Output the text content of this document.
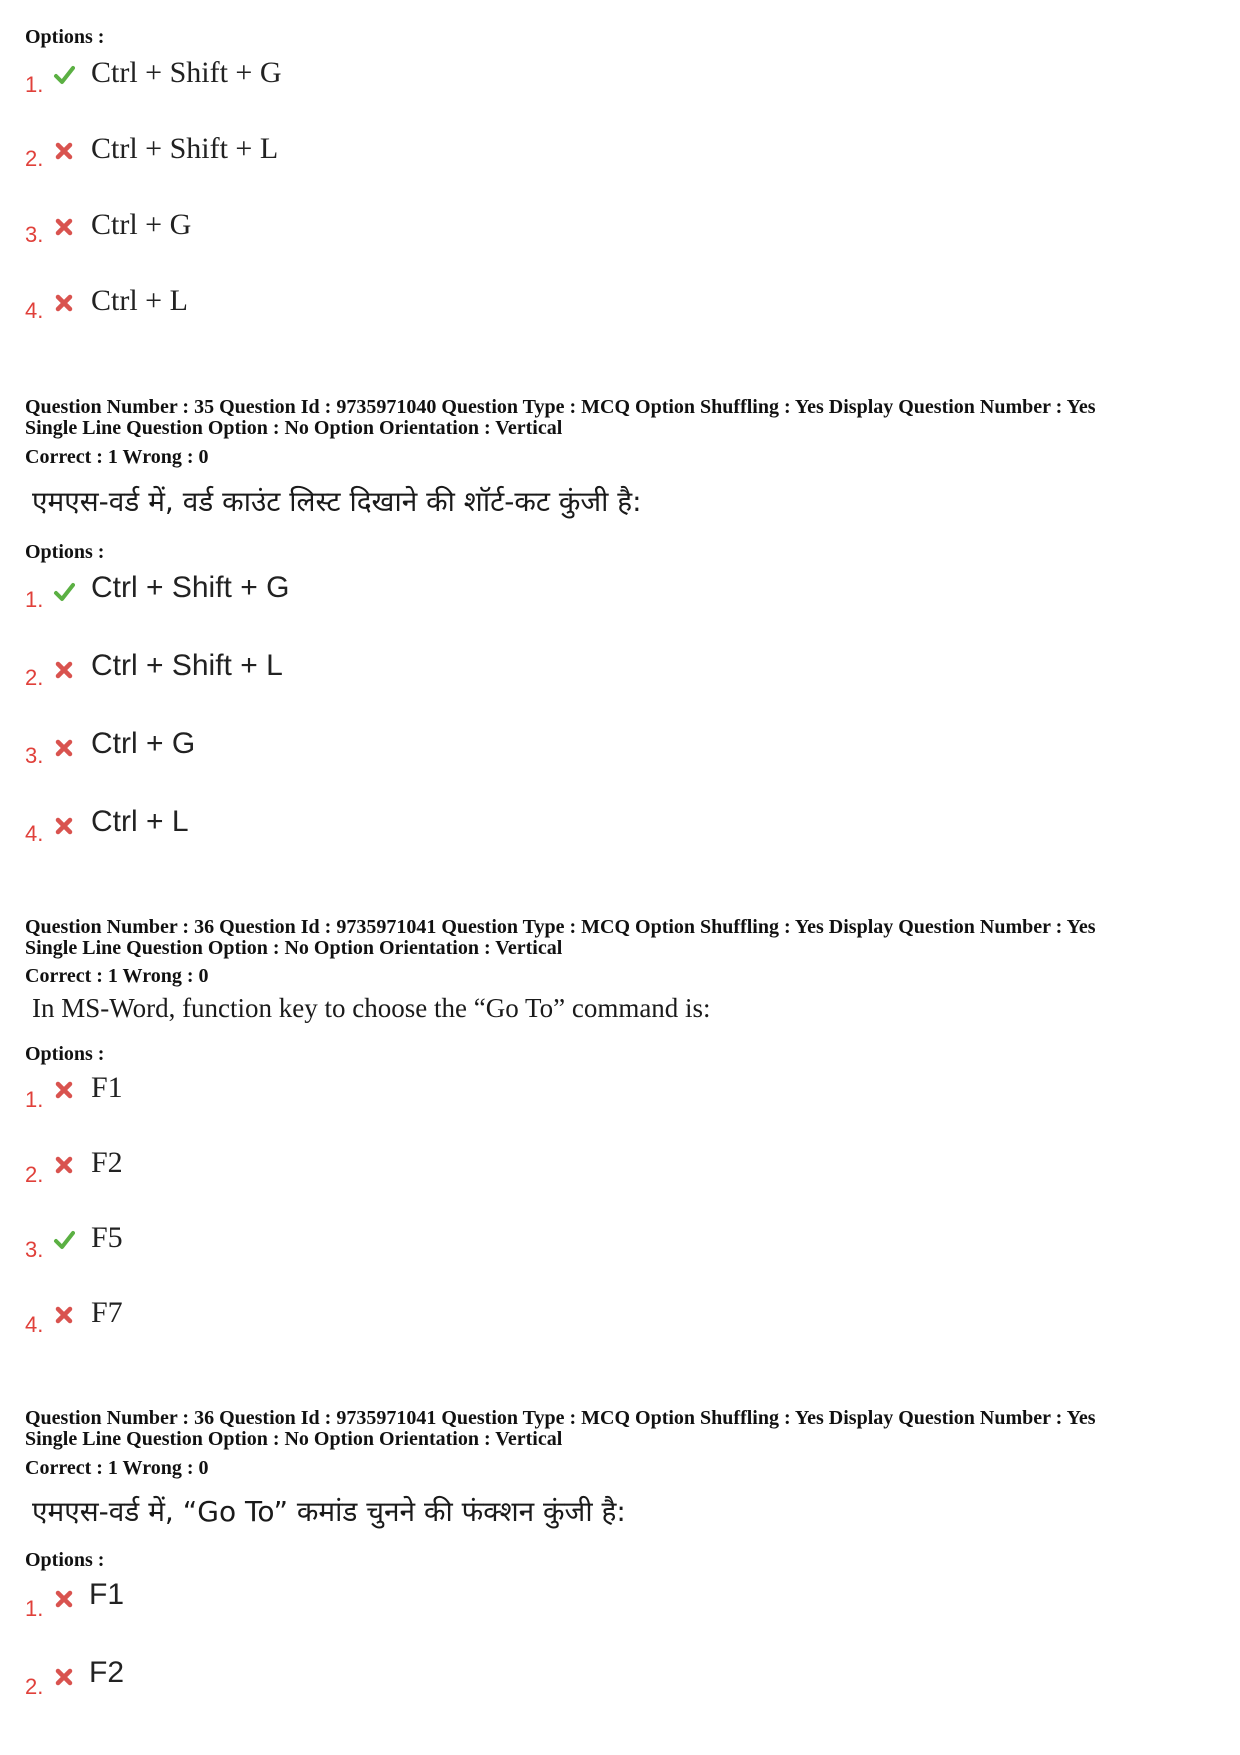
Options :
1. Ctrl + Shift + G
2. Ctrl + Shift + L
3. Ctrl + G
4. Ctrl + L
Question Number : 35 Question Id : 9735971040 Question Type : MCQ Option Shuffling : Yes Display Question Number : Yes
Single Line Question Option : No Option Orientation : Vertical
Correct : 1 Wrong : 0
एमएस-वर्ड में, वर्ड काउंट लिस्ट दिखाने की शॉर्ट-कट कुंजी है:
Options :
1. Ctrl + Shift + G
2. Ctrl + Shift + L
3. Ctrl + G
4. Ctrl + L
Question Number : 36 Question Id : 9735971041 Question Type : MCQ Option Shuffling : Yes Display Question Number : Yes
Single Line Question Option : No Option Orientation : Vertical
Correct : 1 Wrong : 0
In MS-Word, function key to choose the “Go To” command is:
Options :
1. F1
2. F2
3. F5
4. F7
Question Number : 36 Question Id : 9735971041 Question Type : MCQ Option Shuffling : Yes Display Question Number : Yes
Single Line Question Option : No Option Orientation : Vertical
Correct : 1 Wrong : 0
एमएस-वर्ड में, “Go To” कमांड चुनने की फंक्शन कुंजी है:
Options :
1. F1
2. F2
